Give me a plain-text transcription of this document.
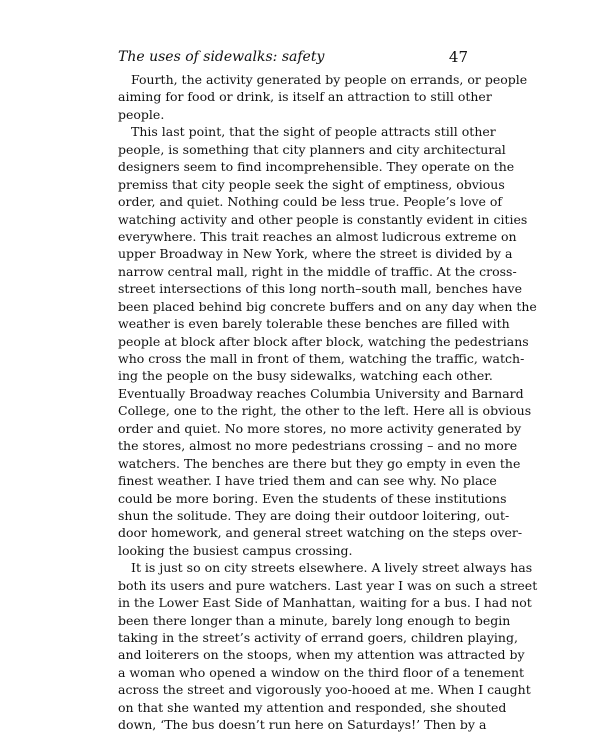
The uses of sidewalks: safety	47
Fourth, the activity generated by people on errands, or people
aiming for food or drink, is itself an attraction to still other
people.
This last point, that the sight of people attracts still other
people, is something that city planners and city architectural
designers seem to find incomprehensible. They operate on the
premiss that city people seek the sight of emptiness, obvious
order, and quiet. Nothing could be less true. People’s love of
watching activity and other people is constantly evident in cities
everywhere. This trait reaches an almost ludicrous extreme on
upper Broadway in New York, where the street is divided by a
narrow central mall, right in the middle of traffic. At the cross-
street intersections of this long north–south mall, benches have
been placed behind big concrete buffers and on any day when the
weather is even barely tolerable these benches are filled with
people at block after block after block, watching the pedestrians
who cross the mall in front of them, watching the traffic, watch-
ing the people on the busy sidewalks, watching each other.
Eventually Broadway reaches Columbia University and Barnard
College, one to the right, the other to the left. Here all is obvious
order and quiet. No more stores, no more activity generated by
the stores, almost no more pedestrians crossing – and no more
watchers. The benches are there but they go empty in even the
finest weather. I have tried them and can see why. No place
could be more boring. Even the students of these institutions
shun the solitude. They are doing their outdoor loitering, out-
door homework, and general street watching on the steps over-
looking the busiest campus crossing.
It is just so on city streets elsewhere. A lively street always has
both its users and pure watchers. Last year I was on such a street
in the Lower East Side of Manhattan, waiting for a bus. I had not
been there longer than a minute, barely long enough to begin
taking in the street’s activity of errand goers, children playing,
and loiterers on the stoops, when my attention was attracted by
a woman who opened a window on the third floor of a tenement
across the street and vigorously yoo-hooed at me. When I caught
on that she wanted my attention and responded, she shouted
down, ‘The bus doesn’t run here on Saturdays!’ Then by a
